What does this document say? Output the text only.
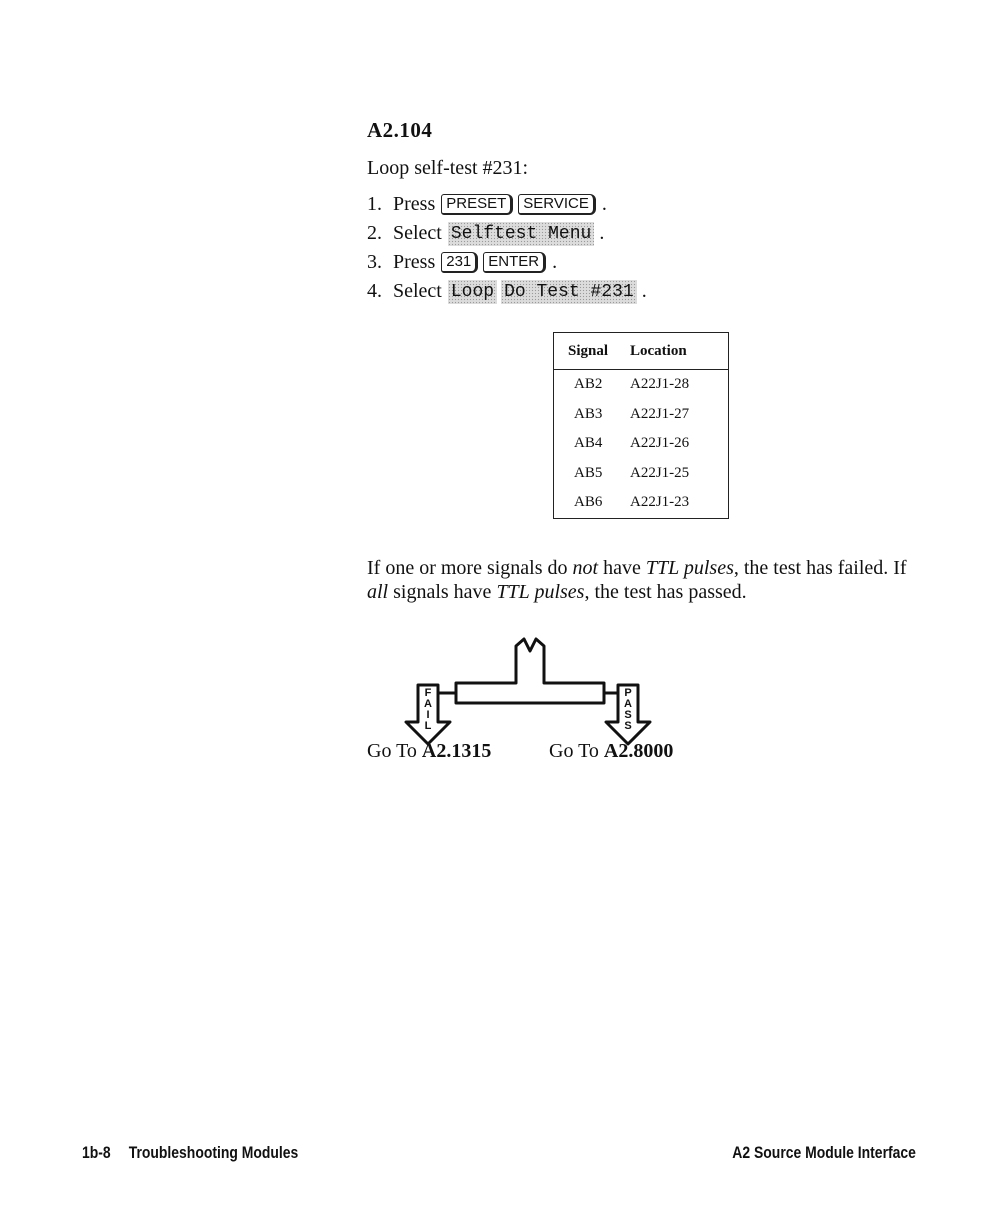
A2.104
Loop self-test #231:
1. Press PRESET	SERVICE .
2. Select Selftest Menu .
3. Press 231	ENTER .
4. Select Loop Do Test #231 .
Signal	Location
AB2	A22J1-28
AB3	A22J1-27
AB4	A22J1-26
AB5	A22J1-25
AB6	A22J1-23
If one or more signals do not have TTL pulses, the test has failed. If all signals have TTL pulses, the test has passed.
F
A
I
L
P
A
S
S
Go To A2.1315	Go To A2.8000
1b-8 Troubleshooting Modules	A2 Source Module Interface
